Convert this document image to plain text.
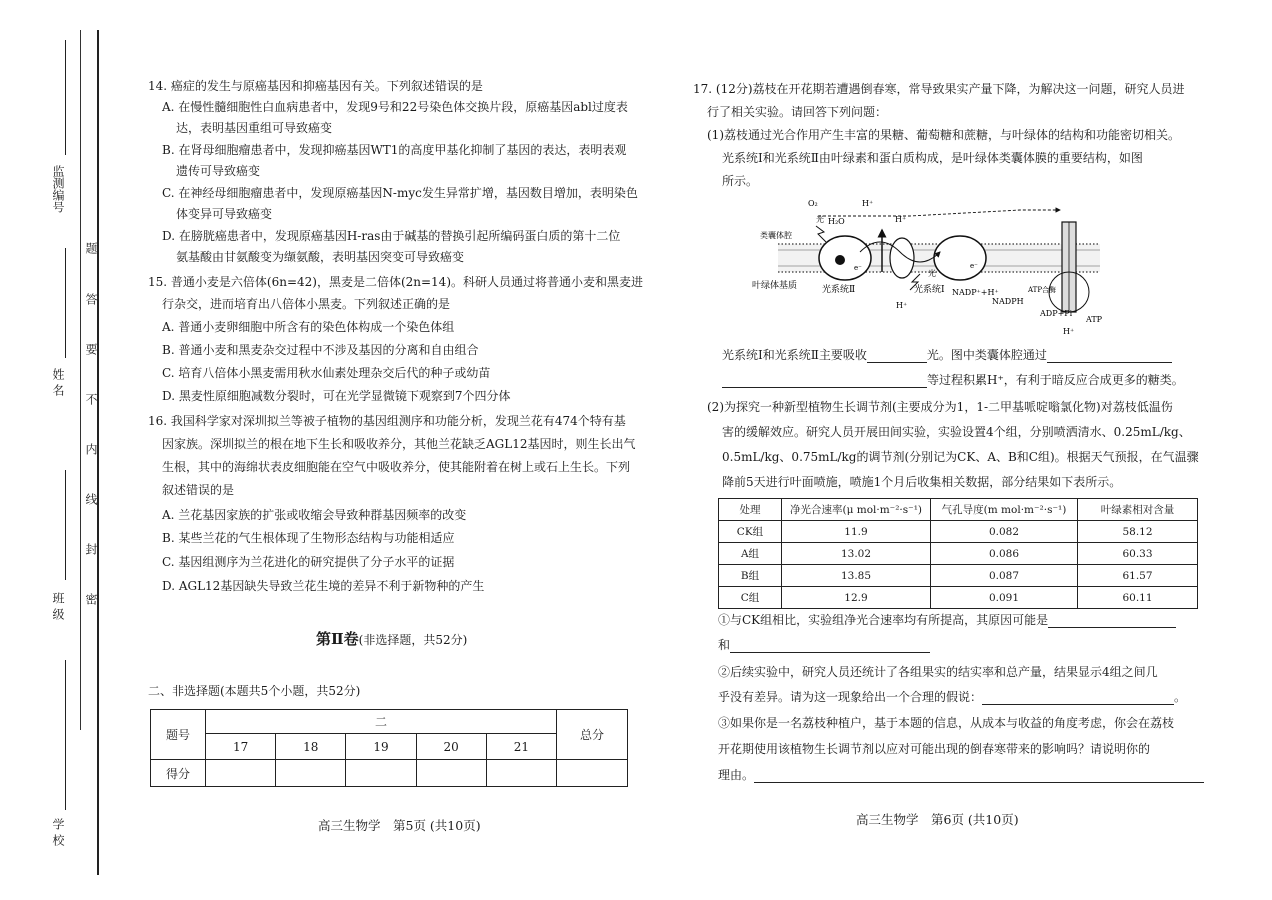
监测编号
姓 名
班 级
学 校
题
答
要
不
内
线
封
密
14. 癌症的发生与原癌基因和抑癌基因有关。下列叙述错误的是
A. 在慢性髓细胞性白血病患者中，发现9号和22号染色体交换片段，原癌基因abl过度表
达，表明基因重组可导致癌变
B. 在肾母细胞瘤患者中，发现抑癌基因WT1的高度甲基化抑制了基因的表达，表明表观
遗传可导致癌变
C. 在神经母细胞瘤患者中，发现原癌基因N-myc发生异常扩增，基因数目增加，表明染色
体变异可导致癌变
D. 在膀胱癌患者中，发现原癌基因H-ras由于碱基的替换引起所编码蛋白质的第十二位
氨基酸由甘氨酸变为缬氨酸，表明基因突变可导致癌变
15. 普通小麦是六倍体(6n=42)，黑麦是二倍体(2n=14)。科研人员通过将普通小麦和黑麦进
行杂交，进而培育出八倍体小黑麦。下列叙述正确的是
A. 普通小麦卵细胞中所含有的染色体构成一个染色体组
B. 普通小麦和黑麦杂交过程中不涉及基因的分离和自由组合
C. 培育八倍体小黑麦需用秋水仙素处理杂交后代的种子或幼苗
D. 黑麦性原细胞减数分裂时，可在光学显微镜下观察到7个四分体
16. 我国科学家对深圳拟兰等被子植物的基因组测序和功能分析，发现兰花有474个特有基
因家族。深圳拟兰的根在地下生长和吸收养分，其他兰花缺乏AGL12基因时，则生长出气
生根，其中的海绵状表皮细胞能在空气中吸收养分，使其能附着在树上或石上生长。下列
叙述错误的是
A. 兰花基因家族的扩张或收缩会导致种群基因频率的改变
B. 某些兰花的气生根体现了生物形态结构与功能相适应
C. 基因组测序为兰花进化的研究提供了分子水平的证据
D. AGL12基因缺失导致兰花生境的差异不利于新物种的产生
第Ⅱ卷(非选择题，共52分)
二、非选择题(本题共5个小题，共52分)
题号	二					总分
	17	18	19	20	21	
得分						
高三生物学　第5页 (共10页)
17. (12分)荔枝在开花期若遭遇倒春寒，常导致果实产量下降，为解决这一问题，研究人员进
行了相关实验。请回答下列问题：
(1)荔枝通过光合作用产生丰富的果糖、葡萄糖和蔗糖，与叶绿体的结构和功能密切相关。
光系统Ⅰ和光系统Ⅱ由叶绿素和蛋白质构成，是叶绿体类囊体膜的重要结构，如图
所示。
O₂	H⁺
光 H₂O
类囊体腔
H⁺
e⁻	e⁻
叶绿体基质	光系统Ⅱ
光
光系统Ⅰ NADP⁺+H⁺
NADPH
ATP合酶
ADP+Pi
ATP
H⁺
H⁺
光系统Ⅰ和光系统Ⅱ主要吸收	光。图中类囊体腔通过
等过程积累H⁺，有利于暗反应合成更多的糖类。
(2)为探究一种新型植物生长调节剂(主要成分为1，1-二甲基哌啶嗡氯化物)对荔枝低温伤
害的缓解效应。研究人员开展田间实验，实验设置4个组，分别喷洒清水、0.25mL/kg、
0.5mL/kg、0.75mL/kg的调节剂(分别记为CK、A、B和C组)。根据天气预报，在气温骤
降前5天进行叶面喷施，喷施1个月后收集相关数据，部分结果如下表所示。
处理	净光合速率(μ mol·m⁻²·s⁻¹)	气孔导度(m mol·m⁻²·s⁻¹)	叶绿素相对含量
CK组	11.9	0.082	58.12
A组	13.02	0.086	60.33
B组	13.85	0.087	61.57
C组	12.9	0.091	60.11
①与CK组相比，实验组净光合速率均有所提高，其原因可能是
和
②后续实验中，研究人员还统计了各组果实的结实率和总产量，结果显示4组之间几
乎没有差异。请为这一现象给出一个合理的假说：	。
③如果你是一名荔枝种植户，基于本题的信息，从成本与收益的角度考虑，你会在荔枝
开花期使用该植物生长调节剂以应对可能出现的倒春寒带来的影响吗？请说明你的
理由。
高三生物学　第6页 (共10页)
